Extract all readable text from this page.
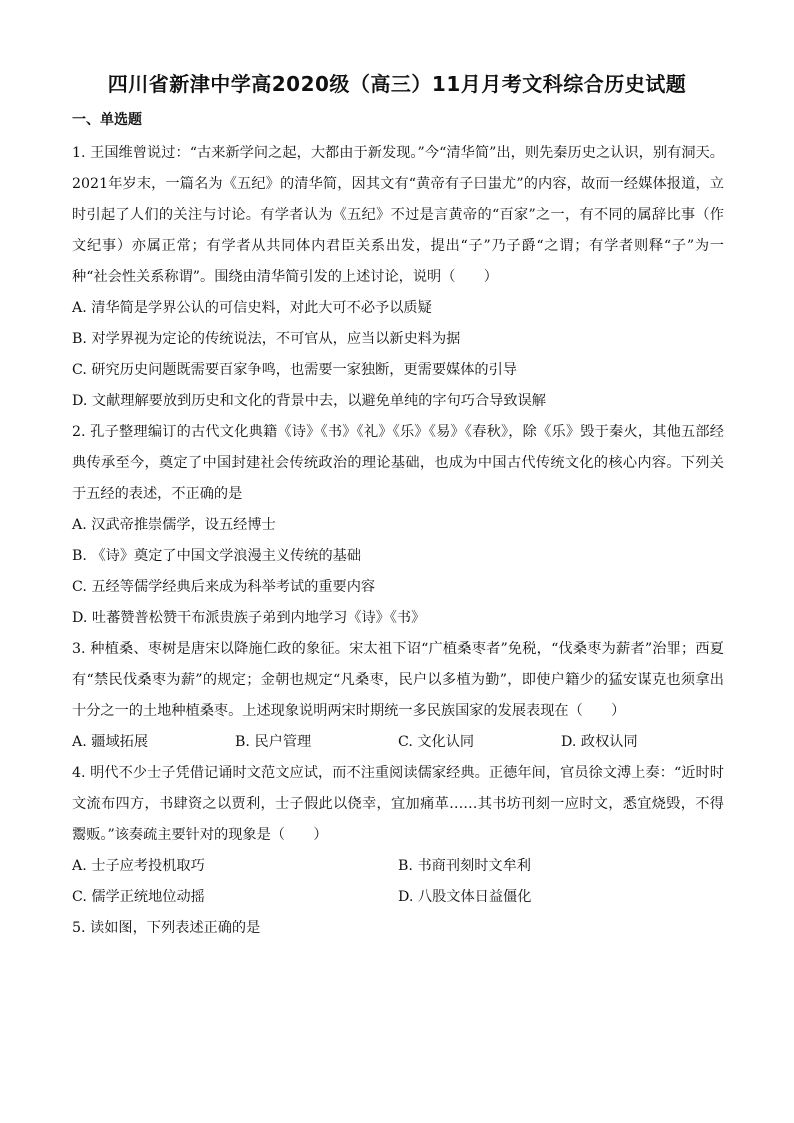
四川省新津中学高2020级（高三）11月月考文科综合历史试题
一、单选题

1. 王国维曾说过：“古来新学问之起，大都由于新发现。”今“清华简”出，则先秦历史之认识，别有洞天。2021年岁末，一篇名为《五纪》的清华简，因其文有“黄帝有子曰蚩尤”的内容，故而一经媒体报道，立时引起了人们的关注与讨论。有学者认为《五纪》不过是言黄帝的“百家”之一，有不同的属辞比事（作文纪事）亦属正常；有学者从共同体内君臣关系出发，提出“子”乃子爵“之谓；有学者则释“子”为一种“社会性关系称谓”。围绕由清华简引发的上述讨论，说明（　　）

A. 清华简是学界公认的可信史料，对此大可不必予以质疑
B. 对学界视为定论的传统说法，不可官从，应当以新史料为据
C. 研究历史问题既需要百家争鸣，也需要一家独断，更需要媒体的引导
D. 文献理解要放到历史和文化的背景中去，以避免单纯的字句巧合导致误解

2. 孔子整理编订的古代文化典籍《诗》《书》《礼》《乐》《易》《春秋》，除《乐》毁于秦火，其他五部经典传承至今，奠定了中国封建社会传统政治的理论基础，也成为中国古代传统文化的核心内容。下列关于五经的表述，不正确的是

A. 汉武帝推崇儒学，设五经博士
B. 《诗》奠定了中国文学浪漫主义传统的基础
C. 五经等儒学经典后来成为科举考试的重要内容
D. 吐蕃赞普松赞干布派贵族子弟到内地学习《诗》《书》

3. 种植桑、枣树是唐宋以降施仁政的象征。宋太祖下诏“广植桑枣者”免税，“伐桑枣为薪者”治罪；西夏有“禁民伐桑枣为薪”的规定；金朝也规定“凡桑枣，民户以多植为勤”，即使户籍少的猛安谋克也须拿出十分之一的土地种植桑枣。上述现象说明两宋时期统一多民族国家的发展表现在（　　）

A. 疆域拓展	B. 民户管理	C. 文化认同	D. 政权认同

4. 明代不少士子凭借记诵时文范文应试，而不注重阅读儒家经典。正德年间，官员徐文溥上奏：“近时时文流布四方，书肆资之以贾利，士子假此以侥幸，宜加痛革……其书坊刊刻一应时文，悉宜烧毁，不得鬻贩。”该奏疏主要针对的现象是（　　）

A. 士子应考投机取巧	B. 书商刊刻时文牟利
C. 儒学正统地位动摇	D. 八股文体日益僵化

5. 读如图，下列表述正确的是
